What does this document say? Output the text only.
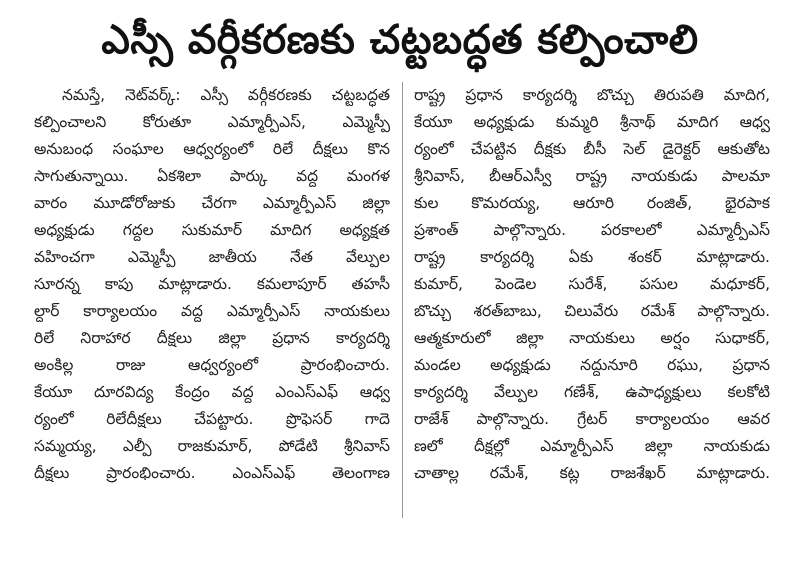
ఎస్సీ వర్గీకరణకు చట్టబద్ధత కల్పించాలి
నమస్తే, నెట్‌వర్క్‌: ఎస్సీ వర్గీకరణకు చట్టబద్ధత
కల్పించాలని కోరుతూ ఎమ్మార్పీఎస్‌, ఎమ్మెస్పీ
అనుబంధ సంఘాల ఆధ్వర్యంలో రిలే దీక్షలు కొన
సాగుతున్నాయి. ఏకశిలా పార్కు వద్ద మంగళ
వారం మూడోరోజుకు చేరగా ఎమ్మార్పీఎస్‌ జిల్లా
అధ్యక్షుడు గద్దల సుకుమార్‌ మాదిగ అధ్యక్షత
వహించగా ఎమ్మెస్పీ జాతీయ నేత వేల్పుల
సూరన్న కాపు మాట్లాడారు. కమలాపూర్‌ తహసీ
ల్దార్‌ కార్యాలయం వద్ద ఎమ్మార్పీఎస్‌ నాయకులు
రిలే నిరాహార దీక్షలు జిల్లా ప్రధాన కార్యదర్శి
అంకిల్ల రాజు ఆధ్వర్యంలో ప్రారంభించారు.
కేయూ దూరవిద్య కేంద్రం వద్ద ఎంఎస్‌ఎఫ్‌ ఆధ్వ
ర్యంలో రిలేదీక్షలు చేపట్టారు. ప్రొఫెసర్‌ గాదె
సమ్మయ్య, ఎల్పీ రాజకుమార్‌, పోడేటి శ్రీనివాస్‌
దీక్షలు ప్రారంభించారు. ఎంఎస్‌ఎఫ్‌ తెలంగాణ
రాష్ట్ర ప్రధాన కార్యదర్శి బొచ్చు తిరుపతి మాదిగ,
కేయూ అధ్యక్షుడు కుమ్మరి శ్రీనాథ్‌ మాదిగ ఆధ్వ
ర్యంలో చేపట్టిన దీక్షకు బీసీ సెల్‌ డైరెక్టర్‌ ఆకుతోట
శ్రీనివాస్‌, బీఆర్‌ఎస్వీ రాష్ట్ర నాయకుడు పాలమా
కుల కొమరయ్య, ఆరూరి రంజిత్‌, భైరపాక
ప్రశాంత్‌ పాల్గొన్నారు. పరకాలలో ఎమ్మార్పీఎస్‌
రాష్ట్ర కార్యదర్శి ఏకు శంకర్‌ మాట్లాడారు.
కుమార్‌, పెండెల సురేశ్‌, పసుల మధూకర్‌,
బొచ్చు శరత్‌బాబు, చిలువేరు రమేశ్‌ పాల్గొన్నారు.
ఆత్మకూరులో జిల్లా నాయకులు అర్షం సుధాకర్‌,
మండల అధ్యక్షుడు నద్దునూరి రఘు, ప్రధాన
కార్యదర్శి వేల్పుల గణేశ్‌, ఉపాధ్యక్షులు కలకోటి
రాజేశ్‌ పాల్గొన్నారు. గ్రేటర్‌ కార్యాలయం ఆవర
ణలో దీక్షల్లో ఎమ్మార్పీఎస్‌ జిల్లా నాయకుడు
చాతాల్ల రమేశ్‌, కట్ల రాజశేఖర్‌ మాట్లాడారు.
